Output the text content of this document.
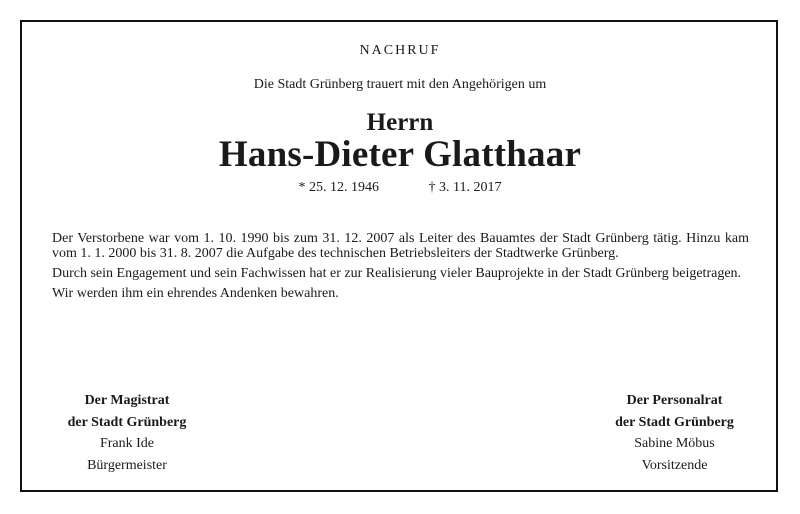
NACHRUF
Die Stadt Grünberg trauert mit den Angehörigen um
Herrn
Hans-Dieter Glatthaar
* 25. 12. 1946	† 3. 11. 2017

Der Verstorbene war vom 1. 10. 1990 bis zum 31. 12. 2007 als Leiter des Bauamtes der Stadt Grünberg tätig. Hinzu kam vom 1. 1. 2000 bis 31. 8. 2007 die Aufgabe des technischen Betriebsleiters der Stadtwerke Grünberg.

Durch sein Engagement und sein Fachwissen hat er zur Realisierung vieler Bauprojekte in der Stadt Grünberg beigetragen.

Wir werden ihm ein ehrendes Andenken bewahren.

Der Magistrat
der Stadt Grünberg
Frank Ide
Bürgermeister
Der Personalrat
der Stadt Grünberg
Sabine Möbus
Vorsitzende
